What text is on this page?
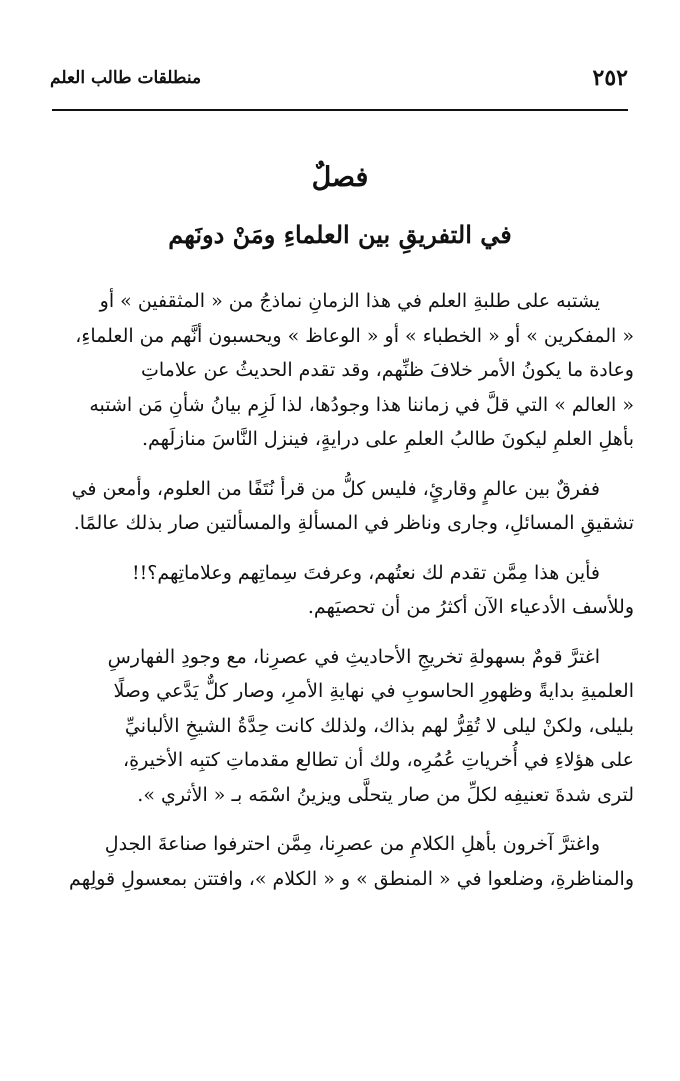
٢٥٢
منطلقات طالب العلم
فصلٌ
في التفريقِ بين العلماءِ ومَنْ دونَهم

يشتبه على طلبةِ العلم في هذا الزمانِ نماذجُ من « المثقفين » أو
« المفكرين » أو « الخطباء » أو « الوعاظ » ويحسبون أنَّهم من العلماءِ،
وعادة ما يكونُ الأمر خلافَ ظنِّهم، وقد تقدم الحديثُ عن علاماتِ
« العالم » التي قلَّ في زماننا هذا وجودُها، لذا لَزِم بيانُ شأنِ مَن اشتبه
بأهلِ العلمِ ليكونَ طالبُ العلمِ على درايةٍ، فينزل النَّاسَ منازلَهم.

ففرقٌ بين عالمٍ وقارئٍ، فليس كلُّ من قرأ نُتَفًا من العلوم، وأمعن في
تشقيقِ المسائلِ، وجارى وناظر في المسألةِ والمسألتين صار بذلك عالمًا.

فأين هذا مِمَّن تقدم لك نعتُهم، وعرفتَ سِماتِهم وعلاماتِهم؟!!
وللأسف الأدعياء الآن أكثرُ من أن تحصيَهم.

اغترَّ قومٌ بسهولةِ تخريجِ الأحاديثِ في عصرِنا، مع وجودِ الفهارسِ
العلميةِ بدايةً وظهورِ الحاسوبِ في نهايةِ الأمرِ، وصار كلٌّ يَدَّعي وصلًا
بليلى، ولكنْ ليلى لا تُقِرُّ لهم بذاك، ولذلك كانت حِدَّةُ الشيخِ الألبانيِّ
على هؤلاءِ في أُخرياتِ عُمُرِه، ولك أن تطالع مقدماتِ كتبِه الأخيرةِ،
لترى شدةَ تعنيفِه لكلِّ من صار يتحلَّى ويزينُ اسْمَه بـ « الأثري ».

واغترَّ آخرون بأهلِ الكلامِ من عصرِنا، مِمَّن احترفوا صناعةَ الجدلِ
والمناظرةِ، وضلعوا في « المنطق » و « الكلام »، وافتتن بمعسولِ قولِهم
